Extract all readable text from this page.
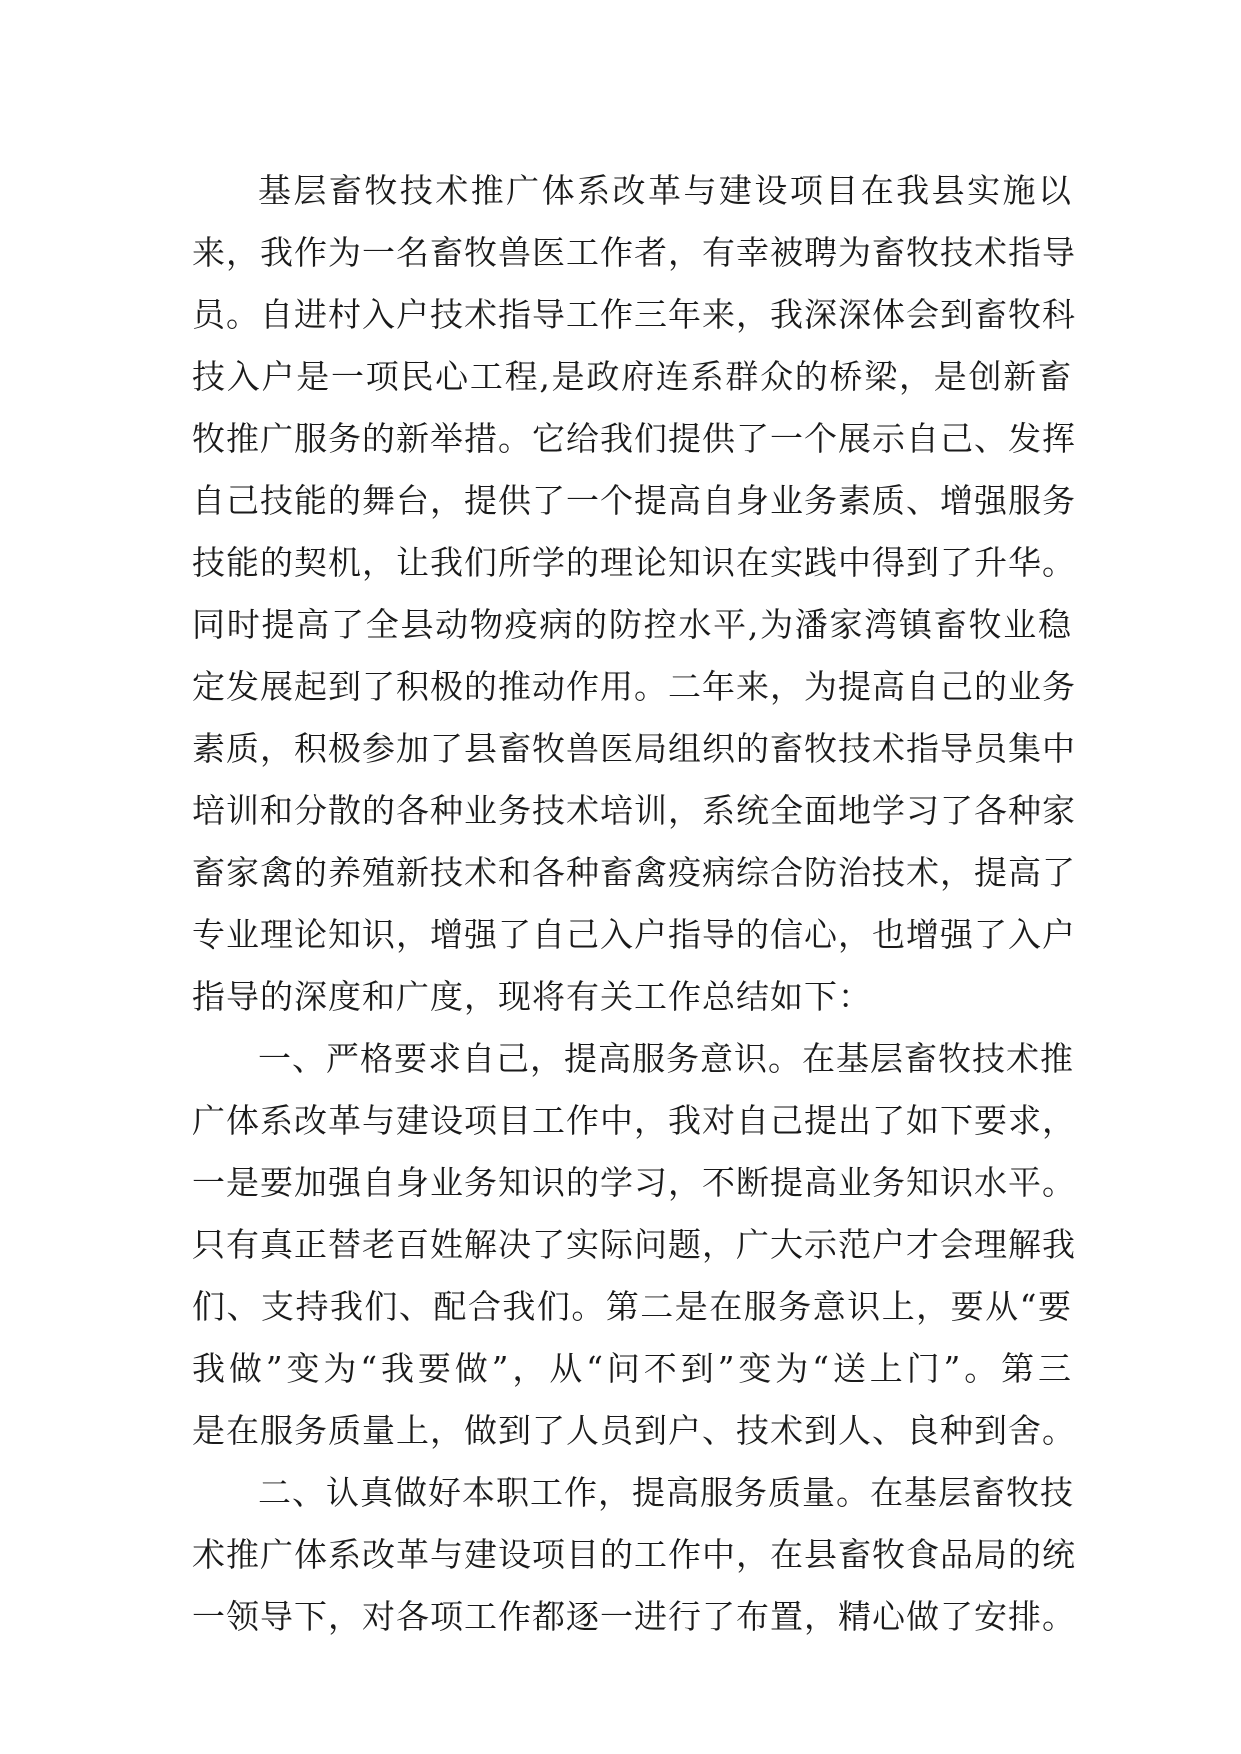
基层畜牧技术推广体系改革与建设项目在我县实施以
来，我作为一名畜牧兽医工作者，有幸被聘为畜牧技术指导
员。自进村入户技术指导工作三年来，我深深体会到畜牧科
技入户是一项民心工程,是政府连系群众的桥梁，是创新畜
牧推广服务的新举措。它给我们提供了一个展示自己、发挥
自己技能的舞台，提供了一个提高自身业务素质、增强服务
技能的契机，让我们所学的理论知识在实践中得到了升华。
同时提高了全县动物疫病的防控水平,为潘家湾镇畜牧业稳
定发展起到了积极的推动作用。二年来，为提高自己的业务
素质，积极参加了县畜牧兽医局组织的畜牧技术指导员集中
培训和分散的各种业务技术培训，系统全面地学习了各种家
畜家禽的养殖新技术和各种畜禽疫病综合防治技术，提高了
专业理论知识，增强了自己入户指导的信心，也增强了入户
指导的深度和广度，现将有关工作总结如下：
一、严格要求自己，提高服务意识。在基层畜牧技术推
广体系改革与建设项目工作中，我对自己提出了如下要求，
一是要加强自身业务知识的学习，不断提高业务知识水平。
只有真正替老百姓解决了实际问题，广大示范户才会理解我
们、支持我们、配合我们。第二是在服务意识上，要从“要
我做”变为“我要做”，从“问不到”变为“送上门”。第三
是在服务质量上，做到了人员到户、技术到人、良种到舍。
二、认真做好本职工作，提高服务质量。在基层畜牧技
术推广体系改革与建设项目的工作中，在县畜牧食品局的统
一领导下，对各项工作都逐一进行了布置，精心做了安排。
